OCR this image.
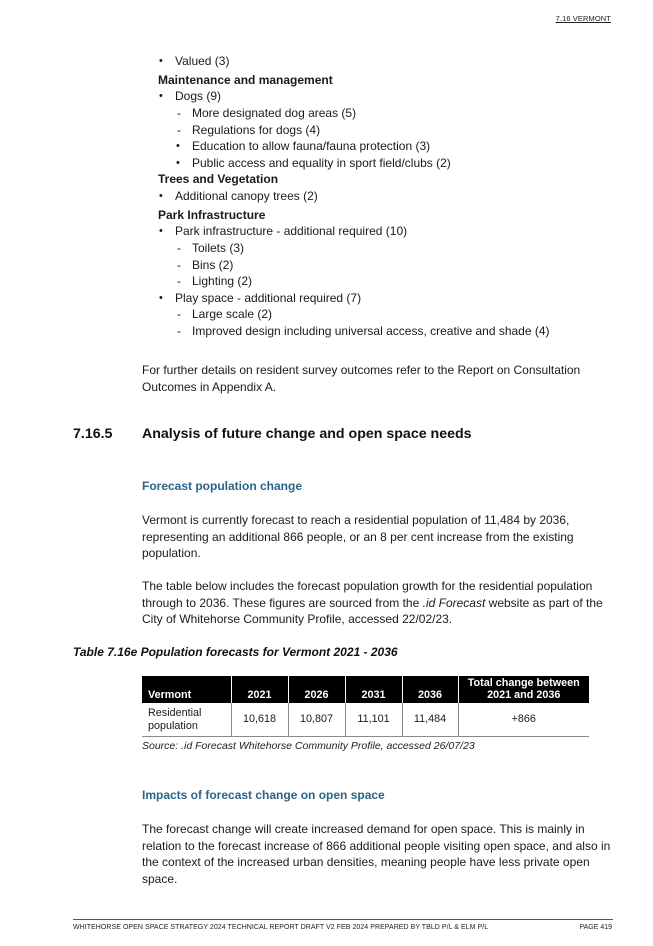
7.16 VERMONT
• Valued (3)
Maintenance and management
• Dogs (9)
- More designated dog areas (5)
- Regulations for dogs (4)
• Education to allow fauna/fauna protection (3)
• Public access and equality in sport field/clubs (2)
Trees and Vegetation
• Additional canopy trees (2)
Park Infrastructure
• Park infrastructure - additional required (10)
- Toilets (3)
- Bins (2)
- Lighting (2)
• Play space - additional required (7)
- Large scale (2)
- Improved design including universal access, creative and shade (4)

For further details on resident survey outcomes refer to the Report on Consultation Outcomes in Appendix A.

7.16.5 Analysis of future change and open space needs
Forecast population change

Vermont is currently forecast to reach a residential population of 11,484 by 2036, representing an additional 866 people, or an 8 per cent increase from the existing population.

The table below includes the forecast population growth for the residential population through to 2036. These figures are sourced from the .id Forecast website as part of the City of Whitehorse Community Profile, accessed 22/02/23.

Table 7.16e Population forecasts for Vermont 2021 - 2036
Vermont	2021	2026	2031	2036	Total change between 2021 and 2036
Residential population	10,618	10,807	11,101	11,484	+866
Source: .id Forecast Whitehorse Community Profile, accessed 26/07/23
Impacts of forecast change on open space

The forecast change will create increased demand for open space. This is mainly in relation to the forecast increase of 866 additional people visiting open space, and also in the context of the increased urban densities, meaning people have less private open space.

WHITEHORSE OPEN SPACE STRATEGY 2024 TECHNICAL REPORT DRAFT V2 FEB 2024 PREPARED BY TBLD P/L & ELM P/L	PAGE 419
